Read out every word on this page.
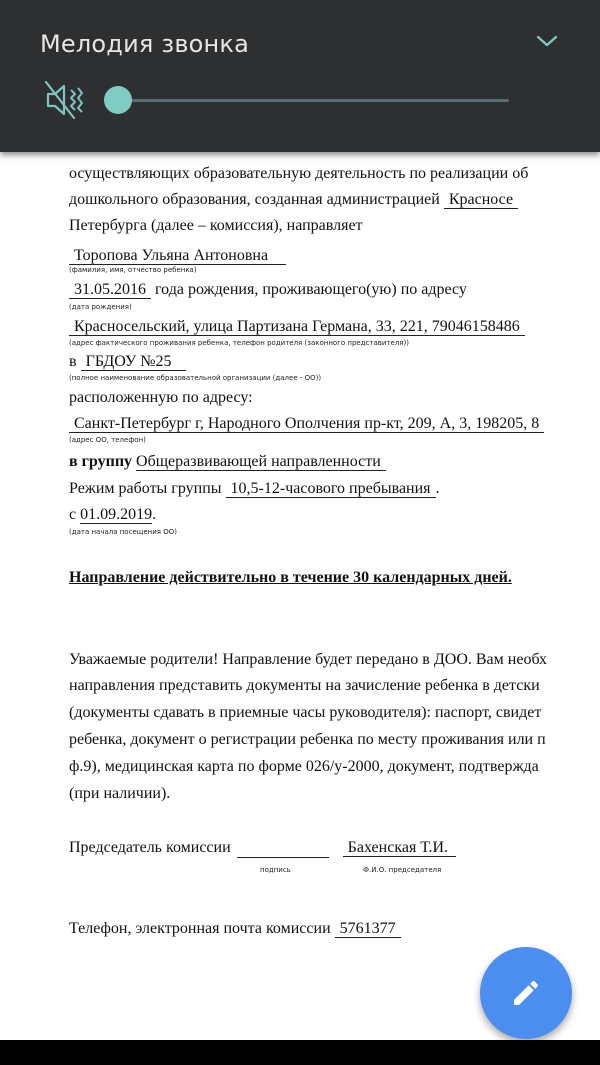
Мелодия звонка
осуществляющих образовательную деятельность по реализации об
дошкольного образования, созданная администрацией Красносе
Петербурга (далее – комиссия), направляет
Торопова Ульяна Антоновна
(фамилия, имя, отчество ребенка)
31.05.2016 года рождения, проживающего(ую) по адресу
(дата рождения)
Красносельский, улица Партизана Германа, 33, 221, 79046158486
(адрес фактического проживания ребенка, телефон родителя (законного представителя))
в ГБДОУ №25
(полное наименование образовательной организации (далее - ОО))
расположенную по адресу:
Санкт-Петербург г, Народного Ополчения пр-кт, 209, А, 3, 198205, 8
(адрес ОО, телефон)
в группу Общеразвивающей направленности
Режим работы группы 10,5-12-часового пребывания .
с 01.09.2019.
(дата начала посещения ОО)
Направление действительно в течение 30 календарных дней.
Уважаемые родители! Направление будет передано в ДОО. Вам необх
направления представить документы на зачисление ребенка в детски
(документы сдавать в приемные часы руководителя): паспорт, свидет
ребенка, документ о регистрации ребенка по месту проживания или п
ф.9), медицинская карта по форме 026/у-2000, документ, подтвержда
(при наличии).
Председатель комиссии	Бахенская Т.И.
подпись	Ф.И.О. председателя
Телефон, электронная почта комиссии 5761377
